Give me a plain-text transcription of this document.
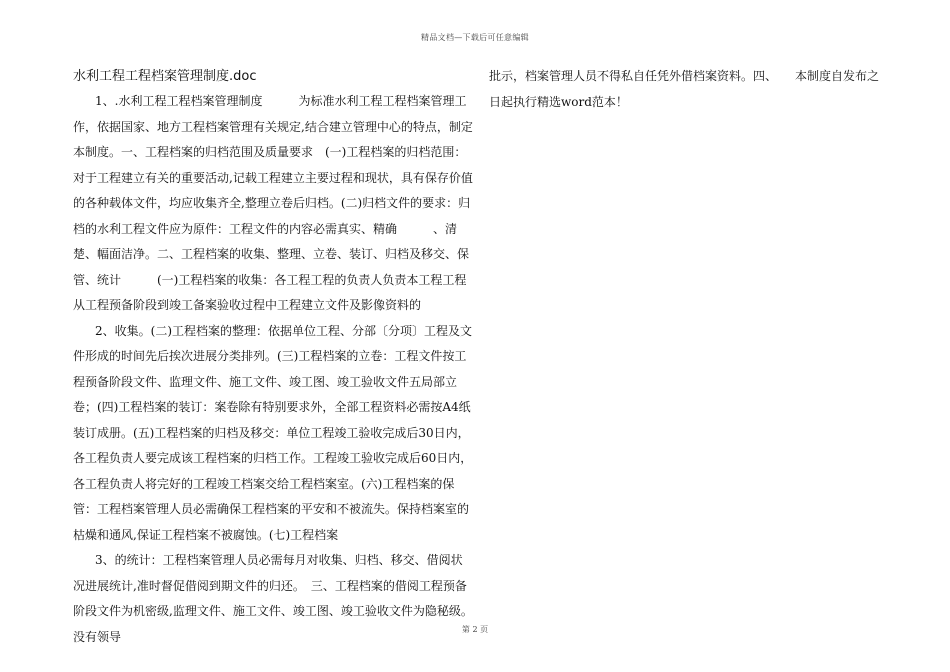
精品文档—下载后可任意编辑
水利工程工程档案管理制度.doc

1、.水利工程工程档案管理制度　　　为标准水利工程工程档案管理工作，依据国家、地方工程档案管理有关规定,结合建立管理中心的特点，制定本制度。一、工程档案的归档范围及质量要求　(一)工程档案的归档范围：对于工程建立有关的重要活动,记载工程建立主要过程和现状，具有保存价值的各种载体文件，均应收集齐全,整理立卷后归档。(二)归档文件的要求：归档的水利工程文件应为原件：工程文件的内容必需真实、精确　　　、清楚、幅面洁净。二、工程档案的收集、整理、立卷、装订、归档及移交、保管、统计　　　(一)工程档案的收集：各工程工程的负责人负责本工程工程从工程预备阶段到竣工备案验收过程中工程建立文件及影像资料的

2、收集。(二)工程档案的整理：依据单位工程、分部〔分项〕工程及文件形成的时间先后挨次进展分类排列。(三)工程档案的立卷：工程文件按工程预备阶段文件、监理文件、施工文件、竣工图、竣工验收文件五局部立卷；(四)工程档案的装订：案卷除有特别要求外，全部工程资料必需按A4纸装订成册。(五)工程档案的归档及移交：单位工程竣工验收完成后30日内，各工程负责人要完成该工程档案的归档工作。工程竣工验收完成后60日内，各工程负责人将完好的工程竣工档案交给工程档案室。(六)工程档案的保管：工程档案管理人员必需确保工程档案的平安和不被流失。保持档案室的枯燥和通风,保证工程档案不被腐蚀。(七)工程档案

3、的统计：工程档案管理人员必需每月对收集、归档、移交、借阅状况进展统计,准时督促借阅到期文件的归还。　三、工程档案的借阅工程预备阶段文件为机密级,监理文件、施工文件、竣工图、竣工验收文件为隐秘级。没有领导

批示，档案管理人员不得私自任凭外借档案资料。四、　　本制度自发布之日起执行精选word范本！

第 2 页
